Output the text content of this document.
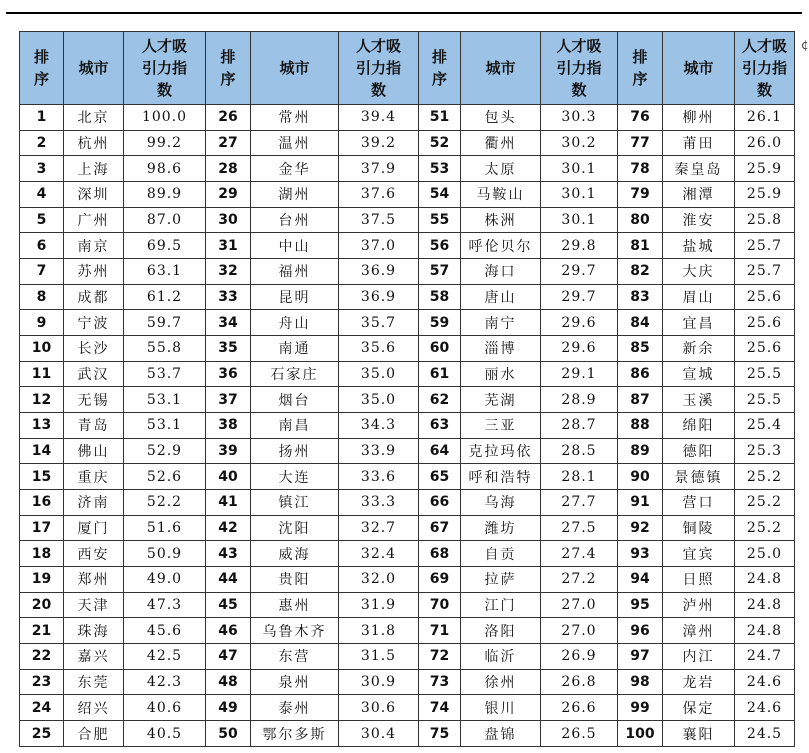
¢
排序	城市	人才吸引力指数	排序	城市	人才吸引力指数	排序	城市	人才吸引力指数	排序	城市	人才吸引力指数
1	北京	100.0	26	常州	39.4	51	包头	30.3	76	柳州	26.1
2	杭州	99.2	27	温州	39.2	52	衢州	30.2	77	莆田	26.0
3	上海	98.6	28	金华	37.9	53	太原	30.1	78	秦皇岛	25.9
4	深圳	89.9	29	湖州	37.6	54	马鞍山	30.1	79	湘潭	25.9
5	广州	87.0	30	台州	37.5	55	株洲	30.1	80	淮安	25.8
6	南京	69.5	31	中山	37.0	56	呼伦贝尔	29.8	81	盐城	25.7
7	苏州	63.1	32	福州	36.9	57	海口	29.7	82	大庆	25.7
8	成都	61.2	33	昆明	36.9	58	唐山	29.7	83	眉山	25.6
9	宁波	59.7	34	舟山	35.7	59	南宁	29.6	84	宜昌	25.6
10	长沙	55.8	35	南通	35.6	60	淄博	29.6	85	新余	25.6
11	武汉	53.7	36	石家庄	35.0	61	丽水	29.1	86	宣城	25.5
12	无锡	53.1	37	烟台	35.0	62	芜湖	28.9	87	玉溪	25.5
13	青岛	53.1	38	南昌	34.3	63	三亚	28.7	88	绵阳	25.4
14	佛山	52.9	39	扬州	33.9	64	克拉玛依	28.5	89	德阳	25.3
15	重庆	52.6	40	大连	33.6	65	呼和浩特	28.1	90	景德镇	25.2
16	济南	52.2	41	镇江	33.3	66	乌海	27.7	91	营口	25.2
17	厦门	51.6	42	沈阳	32.7	67	潍坊	27.5	92	铜陵	25.2
18	西安	50.9	43	威海	32.4	68	自贡	27.4	93	宜宾	25.0
19	郑州	49.0	44	贵阳	32.0	69	拉萨	27.2	94	日照	24.8
20	天津	47.3	45	惠州	31.9	70	江门	27.0	95	泸州	24.8
21	珠海	45.6	46	乌鲁木齐	31.8	71	洛阳	27.0	96	漳州	24.8
22	嘉兴	42.5	47	东营	31.5	72	临沂	26.9	97	内江	24.7
23	东莞	42.3	48	泉州	30.9	73	徐州	26.8	98	龙岩	24.6
24	绍兴	40.6	49	泰州	30.6	74	银川	26.6	99	保定	24.6
25	合肥	40.5	50	鄂尔多斯	30.4	75	盘锦	26.5	100	襄阳	24.5
